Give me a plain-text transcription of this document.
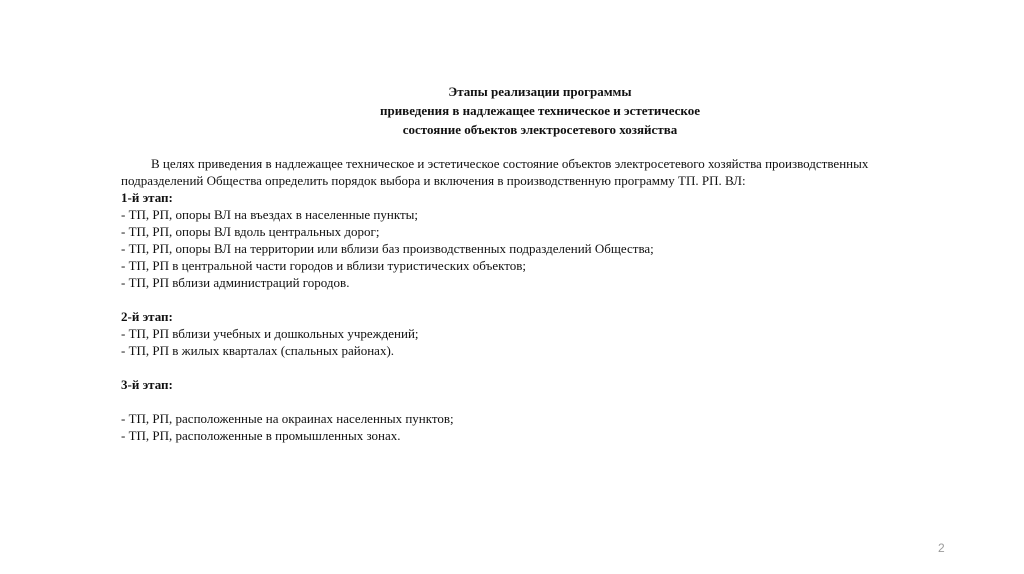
Этапы реализации программы
приведения в надлежащее техническое и эстетическое
состояние объектов электросетевого хозяйства

В целях приведения в надлежащее техническое и эстетическое состояние объектов электросетевого хозяйства производственных подразделений Общества определить порядок выбора и включения в производственную программу ТП. РП. ВЛ:

1-й этап:

- ТП, РП, опоры ВЛ на въездах в населенные пункты;

- ТП, РП, опоры ВЛ вдоль центральных дорог;

- ТП, РП, опоры ВЛ на территории или вблизи баз производственных подразделений Общества;

- ТП, РП в центральной части городов и вблизи туристических объектов;

- ТП, РП вблизи администраций городов.

2-й этап:

- ТП, РП вблизи учебных и дошкольных учреждений;

- ТП, РП в жилых кварталах (спальных районах).

3-й этап:

- ТП, РП, расположенные на окраинах населенных пунктов;

- ТП, РП, расположенные в промышленных зонах.

2
